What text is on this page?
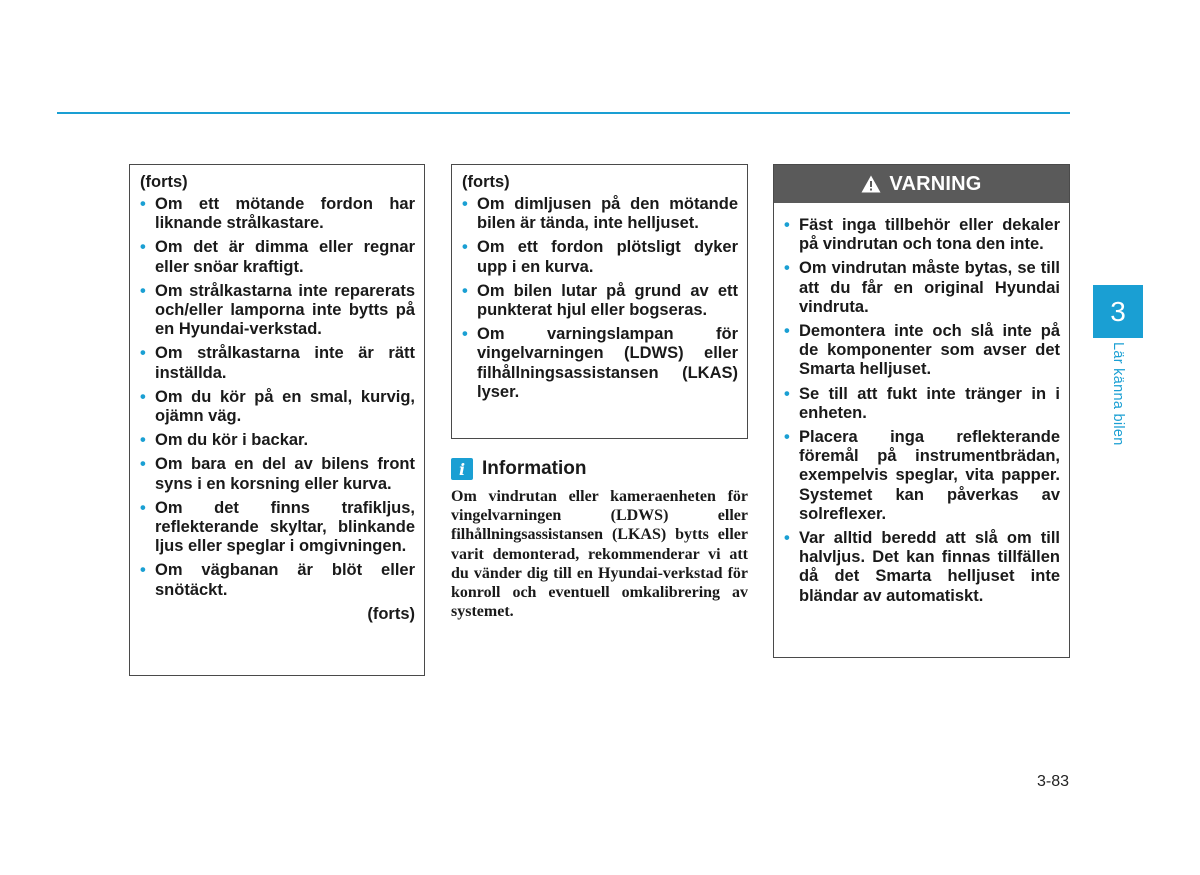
(forts)
• Om ett mötande fordon har liknande strålkastare.
• Om det är dimma eller regnar eller snöar kraftigt.
• Om strålkastarna inte reparerats och/eller lamporna inte bytts på en Hyundai-verkstad.
• Om strålkastarna inte är rätt inställda.
• Om du kör på en smal, kurvig, ojämn väg.
• Om du kör i backar.
• Om bara en del av bilens front syns i en korsning eller kurva.
• Om det finns trafikljus, reflekterande skyltar, blinkande ljus eller speglar i omgivningen.
• Om vägbanan är blöt eller snötäckt.
(forts)
(forts)
• Om dimljusen på den mötande bilen är tända, inte helljuset.
• Om ett fordon plötsligt dyker upp i en kurva.
• Om bilen lutar på grund av ett punkterat hjul eller bogseras.
• Om varningslampan för vingelvarningen (LDWS) eller filhållningsassistansen (LKAS) lyser.
i Information
Om vindrutan eller kameraenheten för vingelvarningen (LDWS) eller filhållningsassistansen (LKAS) bytts eller varit demonterad, rekommenderar vi att du vänder dig till en Hyundai-verkstad för konroll och eventuell omkalibrering av systemet.
VARNING
• Fäst inga tillbehör eller dekaler på vindrutan och tona den inte.
• Om vindrutan måste bytas, se till att du får en original Hyundai vindruta.
• Demontera inte och slå inte på de komponenter som avser det Smarta helljuset.
• Se till att fukt inte tränger in i enheten.
• Placera inga reflekterande föremål på instrumentbrädan, exempelvis speglar, vita papper. Systemet kan påverkas av solreflexer.
• Var alltid beredd att slå om till halvljus. Det kan finnas tillfällen då det Smarta helljuset inte bländar av automatiskt.
3
Lär känna bilen
3-83
